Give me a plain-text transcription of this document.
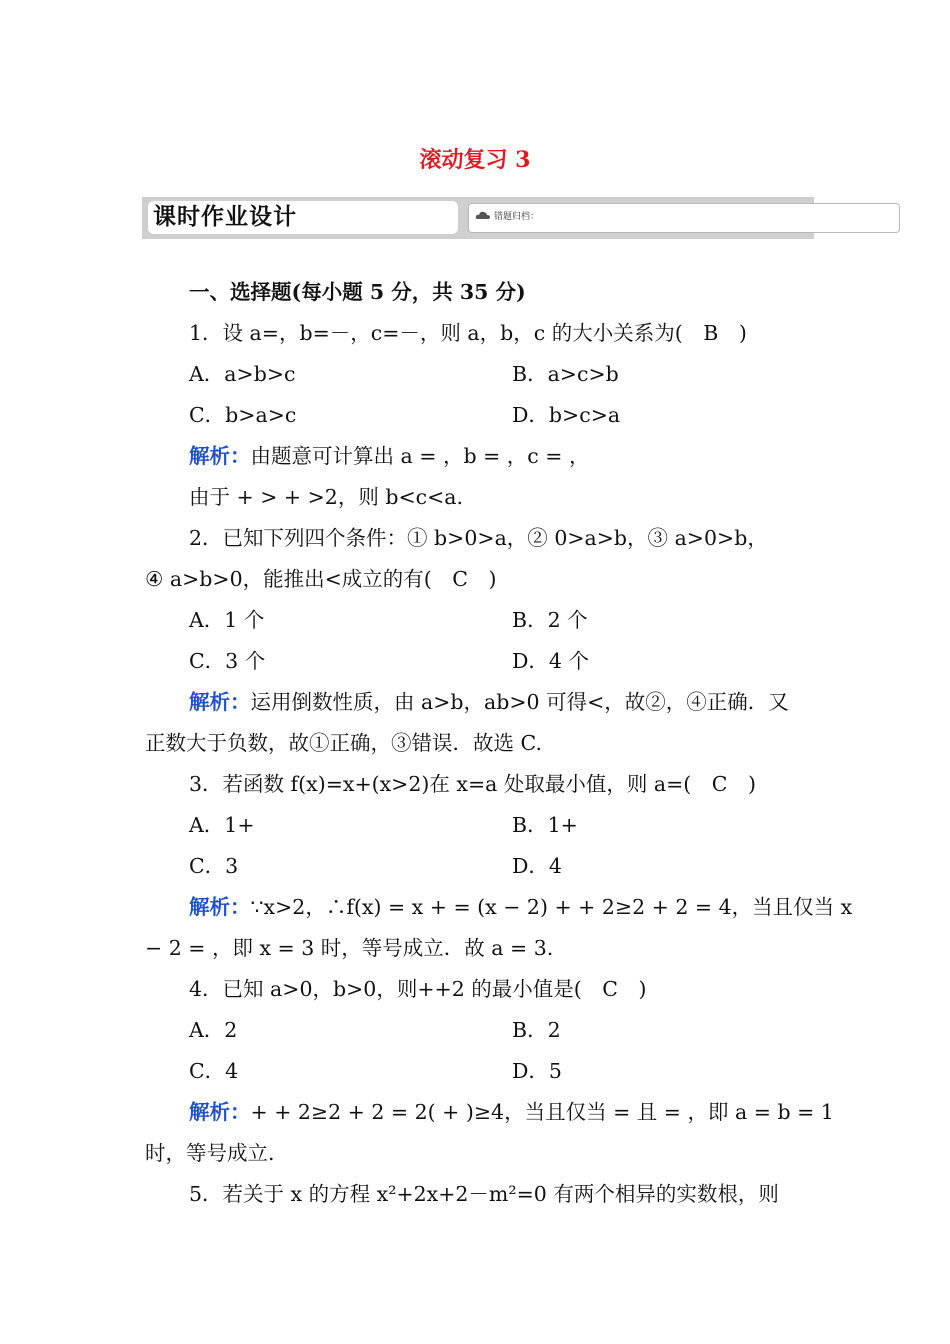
滚动复习 3
课时作业设计	错题归档：
一、选择题(每小题 5 分，共 35 分)
1．设 a=，b=－，c=－，则 a，b，c 的大小关系为(　B　)
A．a>b>c	B．a>c>b
C．b>a>c	D．b>c>a
解析：由题意可计算出 a = ，b = ，c = ，
由于 + > + >2，则 b<c<a.
2．已知下列四个条件：① b>0>a，② 0>a>b，③ a>0>b，
④ a>b>0，能推出<成立的有(　C　)
A．1 个	B．2 个
C．3 个	D．4 个
解析：运用倒数性质，由 a>b，ab>0 可得<，故②，④正确．又
正数大于负数，故①正确，③错误．故选 C.
3．若函数 f(x)=x+(x>2)在 x=a 处取最小值，则 a=(　C　)
A．1+	B．1+
C．3	D．4
解析：∵x>2，∴f(x) = x + = (x − 2) + + 2≥2 + 2 = 4，当且仅当 x
− 2 = ，即 x = 3 时，等号成立．故 a = 3.
4．已知 a>0，b>0，则++2 的最小值是(　C　)
A．2	B．2
C．4	D．5
解析：+ + 2≥2 + 2 = 2( + )≥4，当且仅当 = 且 = ，即 a = b = 1
时，等号成立.
5．若关于 x 的方程 x²+2x+2－m²=0 有两个相异的实数根，则
